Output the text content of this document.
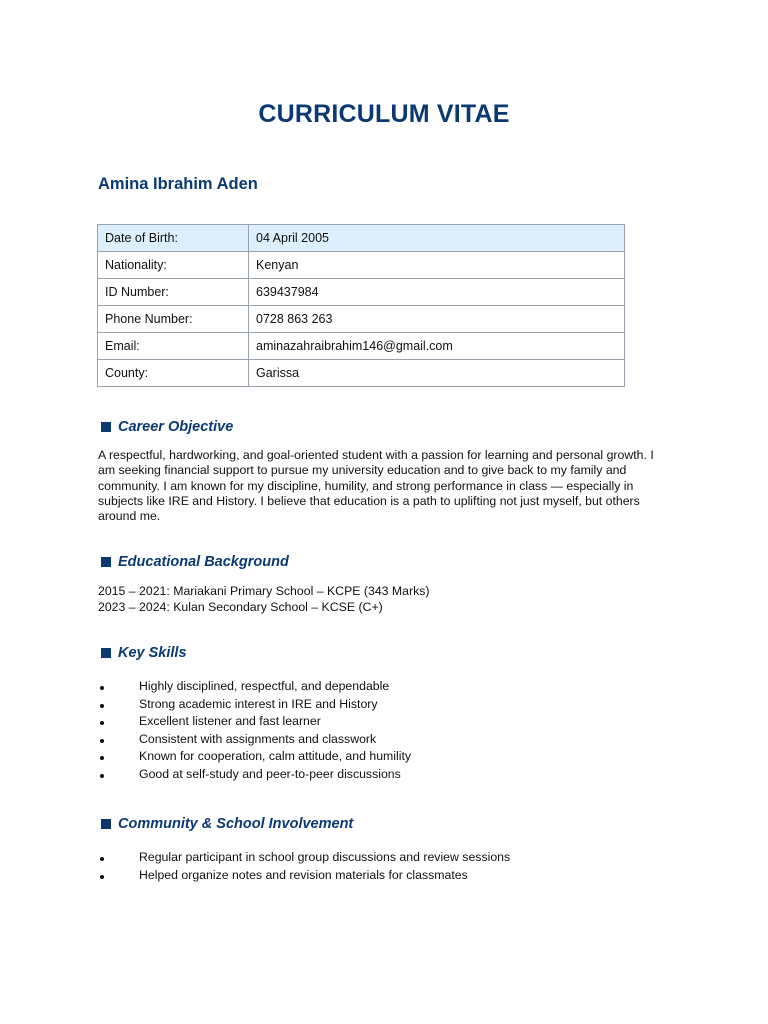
CURRICULUM VITAE
Amina Ibrahim Aden
Date of Birth:	04 April 2005
Nationality:	Kenyan
ID Number:	639437984
Phone Number:	0728 863 263
Email:	aminazahraibrahim146@gmail.com
County:	Garissa
Career Objective
A respectful, hardworking, and goal-oriented student with a passion for learning and personal growth. I am seeking financial support to pursue my university education and to give back to my family and community. I am known for my discipline, humility, and strong performance in class — especially in subjects like IRE and History. I believe that education is a path to uplifting not just myself, but others around me.
Educational Background
2015 – 2021: Mariakani Primary School – KCPE (343 Marks)
2023 – 2024: Kulan Secondary School – KCSE (C+)
Key Skills
Highly disciplined, respectful, and dependable
Strong academic interest in IRE and History
Excellent listener and fast learner
Consistent with assignments and classwork
Known for cooperation, calm attitude, and humility
Good at self-study and peer-to-peer discussions
Community & School Involvement
Regular participant in school group discussions and review sessions
Helped organize notes and revision materials for classmates
